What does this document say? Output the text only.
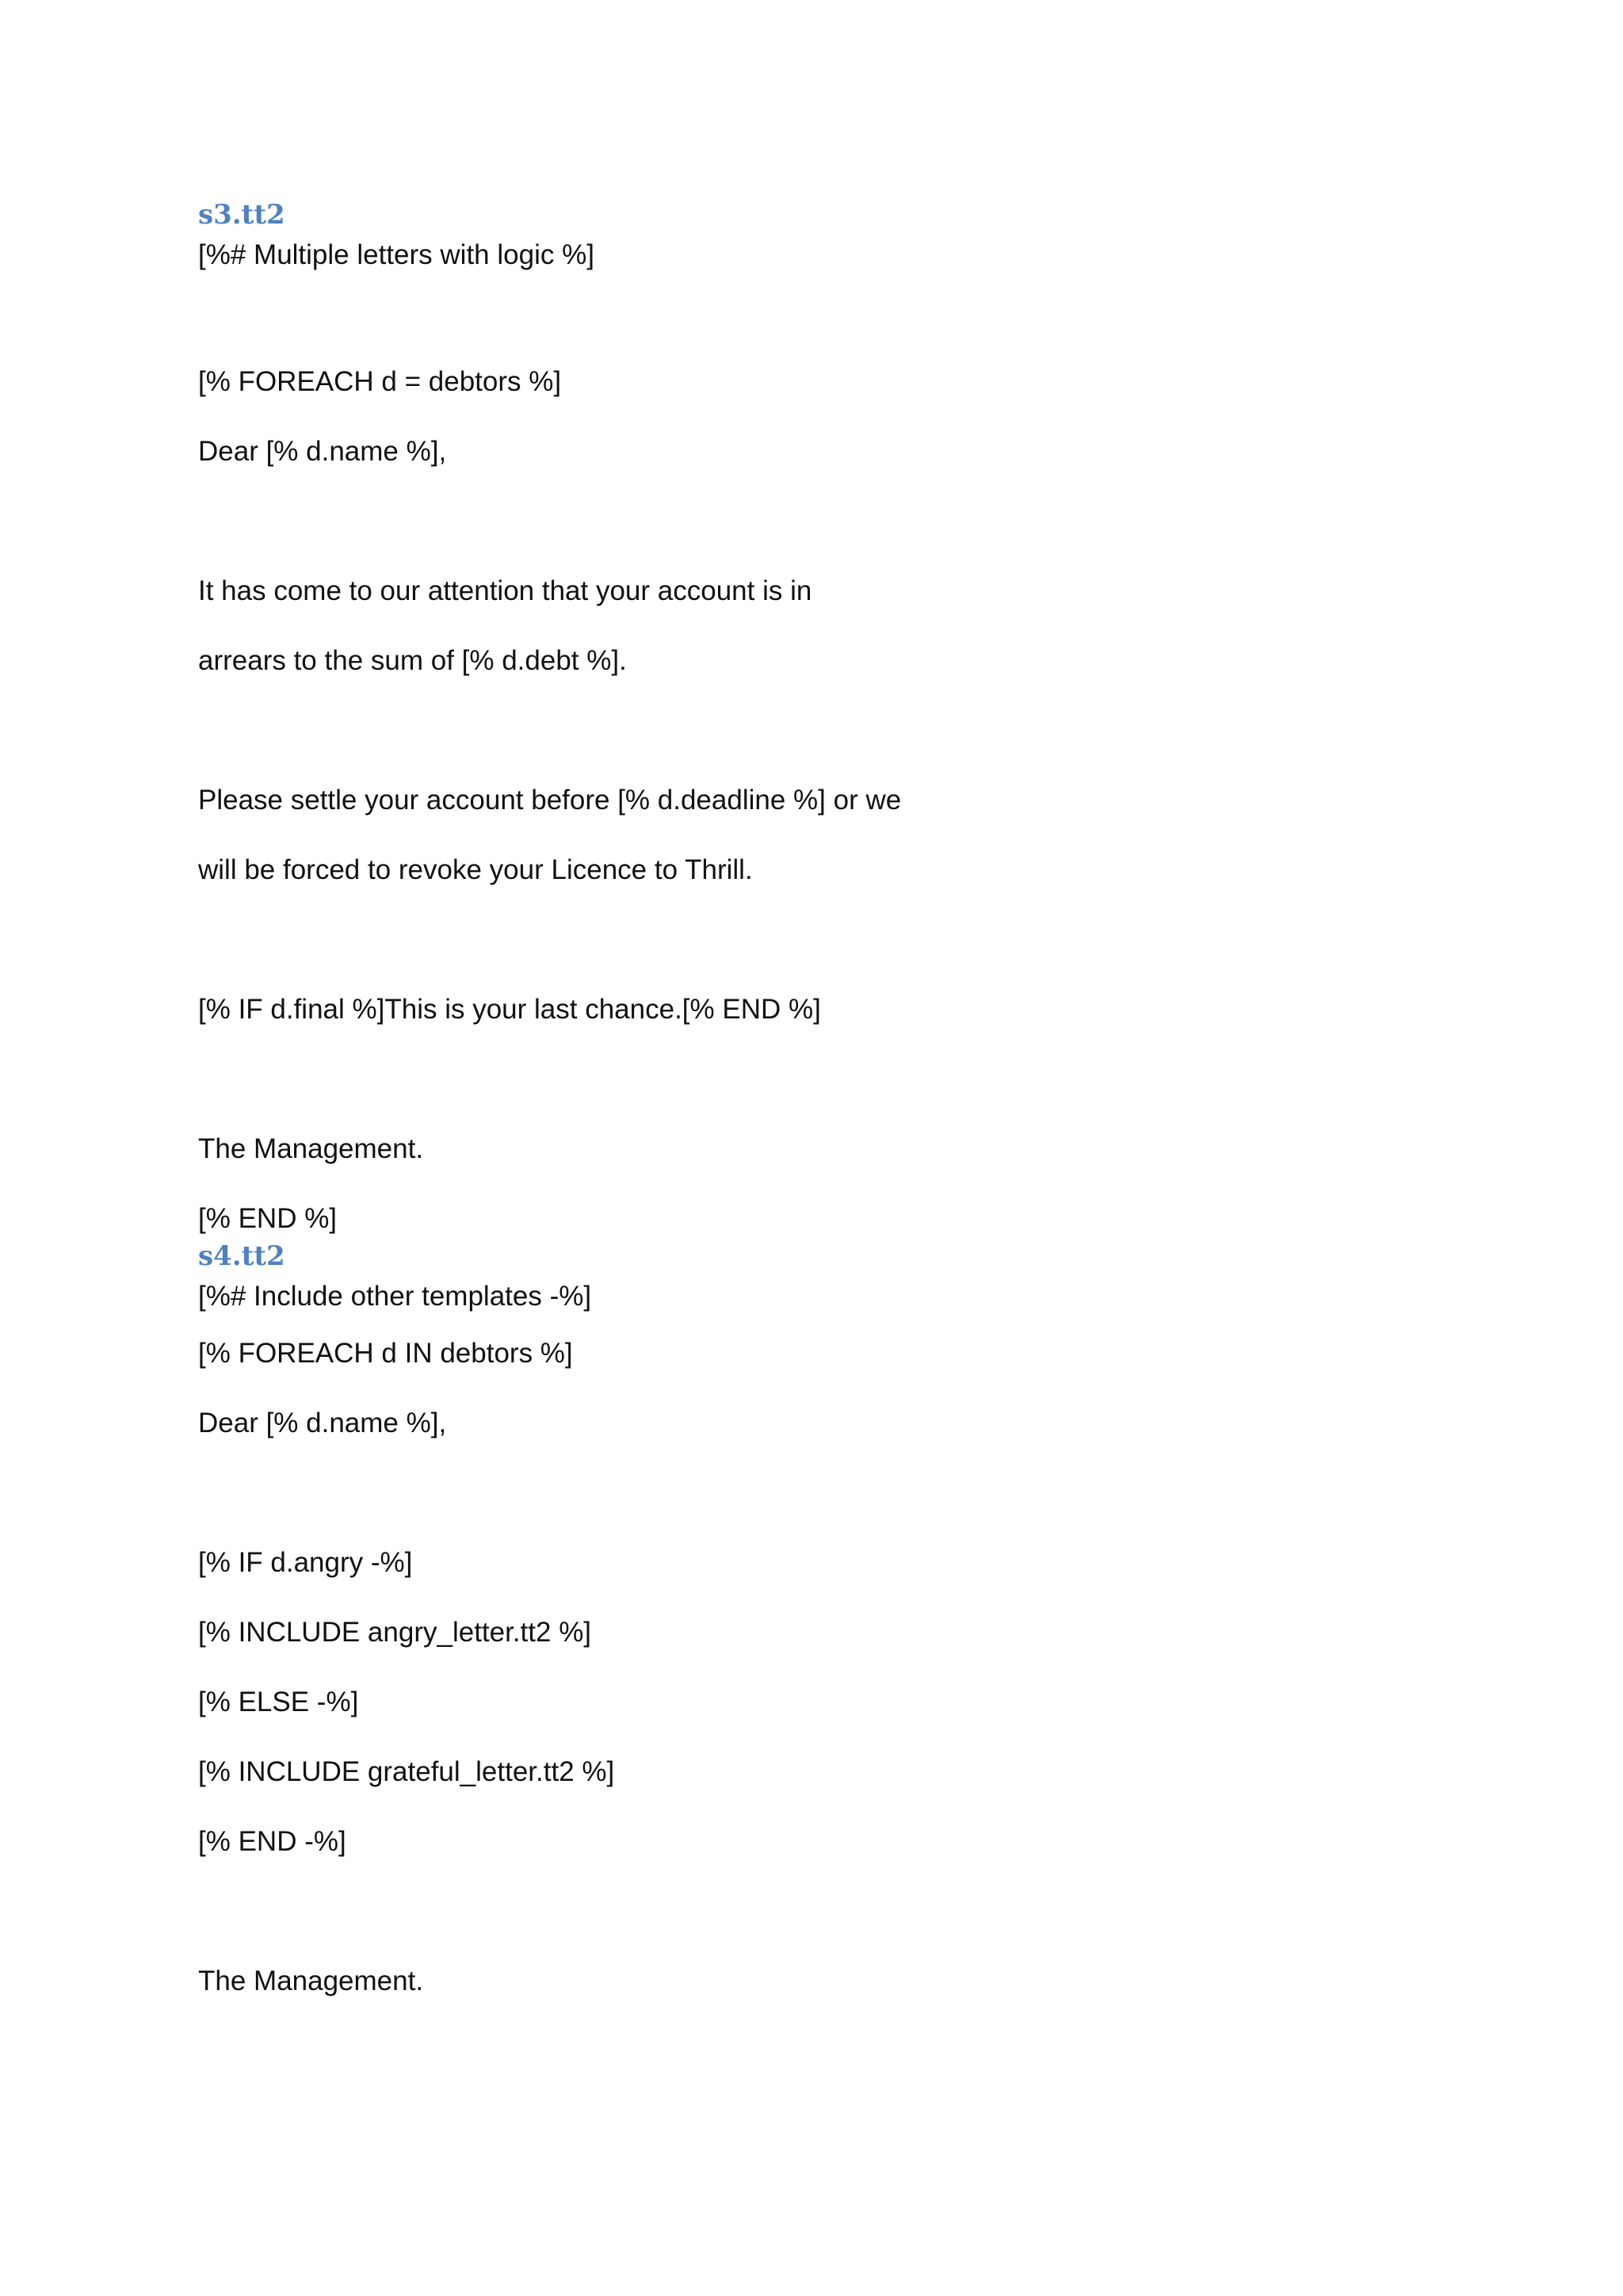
s3.tt2
[%# Multiple letters with logic %]
[% FOREACH d = debtors %]
Dear [% d.name %],
It has come to our attention that your account is in
arrears to the sum of [% d.debt %].
Please settle your account before [% d.deadline %] or we
will be forced to revoke your Licence to Thrill.
[% IF d.final %]This is your last chance.[% END %]
The Management.
[% END %]
s4.tt2
[%# Include other templates -%]
[% FOREACH d IN debtors %]
Dear [% d.name %],
[% IF d.angry -%]
[% INCLUDE angry_letter.tt2 %]
[% ELSE -%]
[% INCLUDE grateful_letter.tt2 %]
[% END -%]
The Management.
